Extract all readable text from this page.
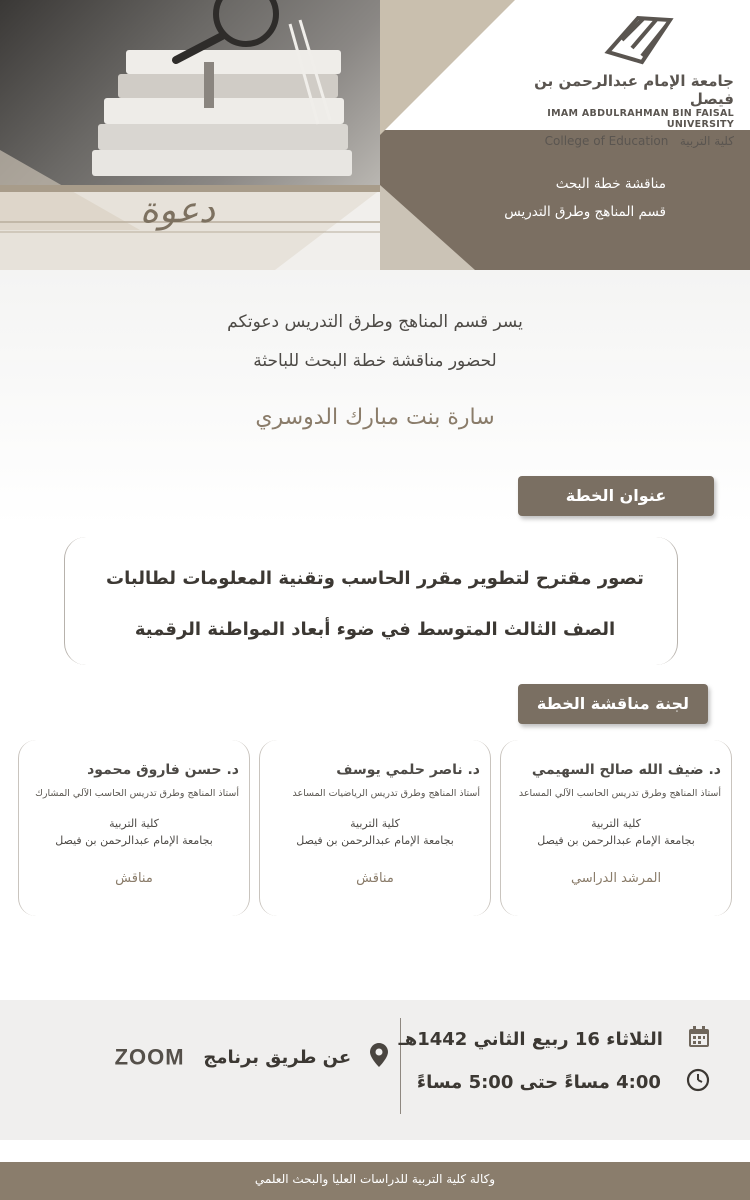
جامعة الإمام عبدالرحمن بن فيصل
IMAM ABDULRAHMAN BIN FAISAL UNIVERSITY
College of Education كلية التربية
مناقشة خطة البحث
قسم المناهج وطرق التدريس
دعوة
يسر قسم المناهج وطرق التدريس دعوتكم
لحضور مناقشة خطة البحث للباحثة
سارة بنت مبارك الدوسري
عنوان الخطة
تصور مقترح لتطوير مقرر الحاسب وتقنية المعلومات لطالبات
الصف الثالث المتوسط في ضوء أبعاد المواطنة الرقمية
لجنة مناقشة الخطة
د. ضيف الله صالح السهيمي
أستاذ المناهج وطرق تدريس الحاسب الآلي المساعد
كلية التربية
بجامعة الإمام عبدالرحمن بن فيصل
المرشد الدراسي
د. ناصر حلمي يوسف
أستاذ المناهج وطرق تدريس الرياضيات المساعد
كلية التربية
بجامعة الإمام عبدالرحمن بن فيصل
مناقش
د. حسن فاروق محمود
أستاذ المناهج وطرق تدريس الحاسب الآلي المشارك
كلية التربية
بجامعة الإمام عبدالرحمن بن فيصل
مناقش
الثلاثاء 16 ربيع الثاني 1442هـ
4:00 مساءً حتى 5:00 مساءً
عن طريق برنامج   ZOOM
وكالة كلية التربية للدراسات العليا والبحث العلمي
